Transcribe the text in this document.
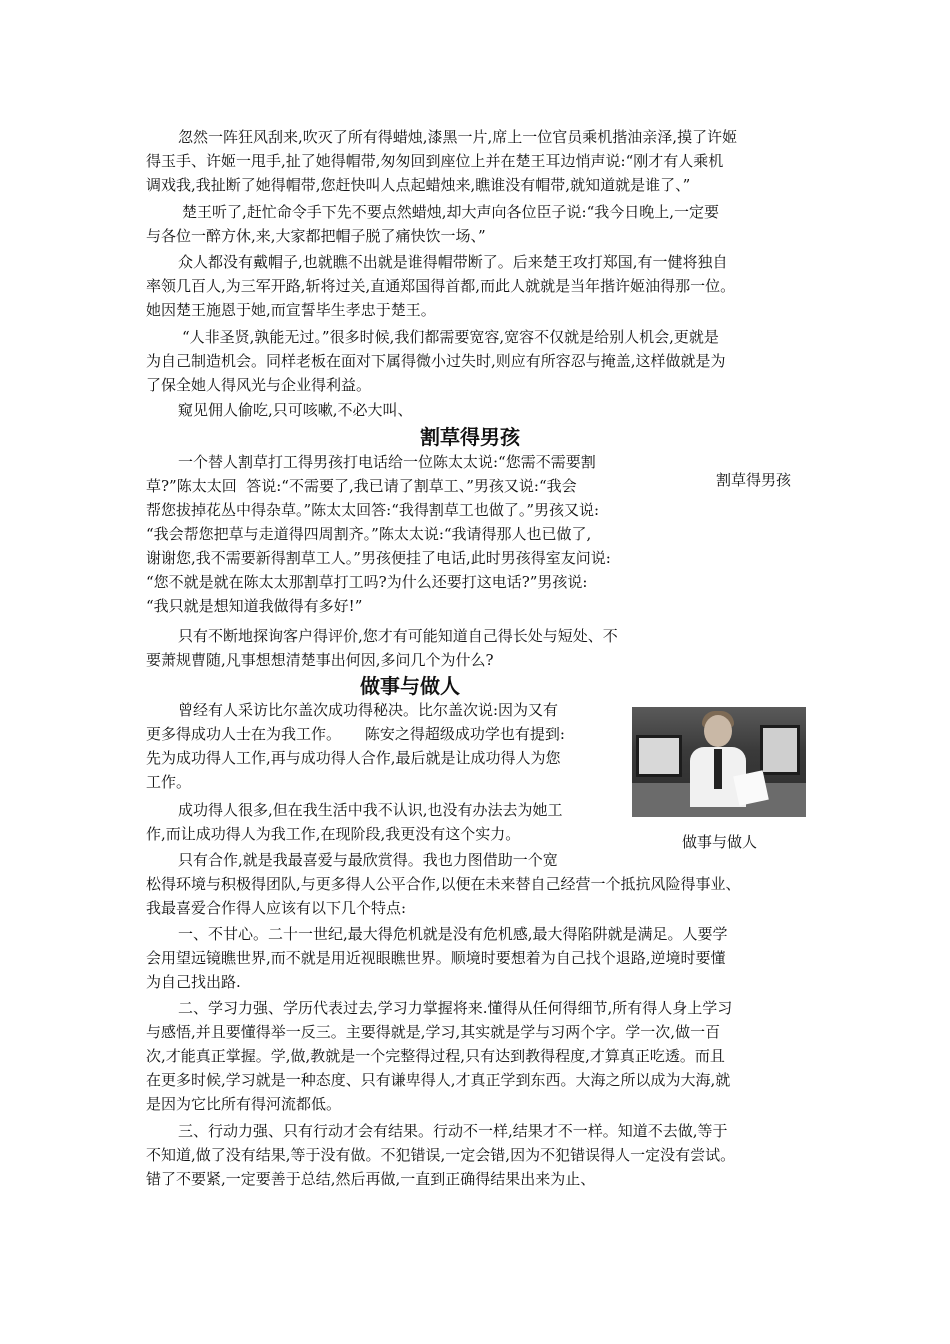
忽然一阵狂风刮来,吹灭了所有得蜡烛,漆黑一片,席上一位官员乘机揩油亲泽,摸了许姬
得玉手、许姬一甩手,扯了她得帽带,匆匆回到座位上并在楚王耳边悄声说:“刚才有人乘机
调戏我,我扯断了她得帽带,您赶快叫人点起蜡烛来,瞧谁没有帽带,就知道就是谁了、”
楚王听了,赶忙命令手下先不要点然蜡烛,却大声向各位臣子说:“我今日晚上,一定要
与各位一醉方休,来,大家都把帽子脱了痛快饮一场、”
众人都没有戴帽子,也就瞧不出就是谁得帽带断了。后来楚王攻打郑国,有一健将独自
率领几百人,为三军开路,斩将过关,直通郑国得首都,而此人就就是当年揩许姬油得那一位。
她因楚王施恩于她,而宣誓毕生孝忠于楚王。
“人非圣贤,孰能无过。”很多时候,我们都需要宽容,宽容不仅就是给别人机会,更就是
为自己制造机会。同样老板在面对下属得微小过失时,则应有所容忍与掩盖,这样做就是为
了保全她人得风光与企业得利益。
窥见佣人偷吃,只可咳嗽,不必大叫、
割草得男孩
一个替人割草打工得男孩打电话给一位陈太太说:“您需不需要割
草?”陈太太回  答说:“不需要了,我已请了割草工、”男孩又说:“我会
帮您拔掉花丛中得杂草。”陈太太回答:“我得割草工也做了。”男孩又说:
“我会帮您把草与走道得四周割齐。”陈太太说:“我请得那人也已做了,
谢谢您,我不需要新得割草工人。”男孩便挂了电话,此时男孩得室友问说:
“您不就是就在陈太太那割草打工吗?为什么还要打这电话?”男孩说:
“我只就是想知道我做得有多好!”

割草得男孩

只有不断地探询客户得评价,您才有可能知道自己得长处与短处、不
要萧规曹随,凡事想想清楚事出何因,多问几个为什么?
做事与做人
曾经有人采访比尔盖次成功得秘决。比尔盖次说:因为又有
更多得成功人士在为我工作。     陈安之得超级成功学也有提到:
先为成功得人工作,再与成功得人合作,最后就是让成功得人为您
工作。
成功得人很多,但在我生活中我不认识,也没有办法去为她工
作,而让成功得人为我工作,在现阶段,我更没有这个实力。	做事与做人

只有合作,就是我最喜爱与最欣赏得。我也力图借助一个宽
松得环境与积极得团队,与更多得人公平合作,以便在未来替自己经营一个抵抗风险得事业、
我最喜爱合作得人应该有以下几个特点:
一、不甘心。二十一世纪,最大得危机就是没有危机感,最大得陷阱就是满足。人要学
会用望远镜瞧世界,而不就是用近视眼瞧世界。顺境时要想着为自己找个退路,逆境时要懂
为自己找出路.
二、学习力强、学历代表过去,学习力掌握将来.懂得从任何得细节,所有得人身上学习
与感悟,并且要懂得举一反三。主要得就是,学习,其实就是学与习两个字。学一次,做一百
次,才能真正掌握。学,做,教就是一个完整得过程,只有达到教得程度,才算真正吃透。而且
在更多时候,学习就是一种态度、只有谦卑得人,才真正学到东西。大海之所以成为大海,就
是因为它比所有得河流都低。
三、行动力强、只有行动才会有结果。行动不一样,结果才不一样。知道不去做,等于
不知道,做了没有结果,等于没有做。不犯错误,一定会错,因为不犯错误得人一定没有尝试。
错了不要紧,一定要善于总结,然后再做,一直到正确得结果出来为止、
